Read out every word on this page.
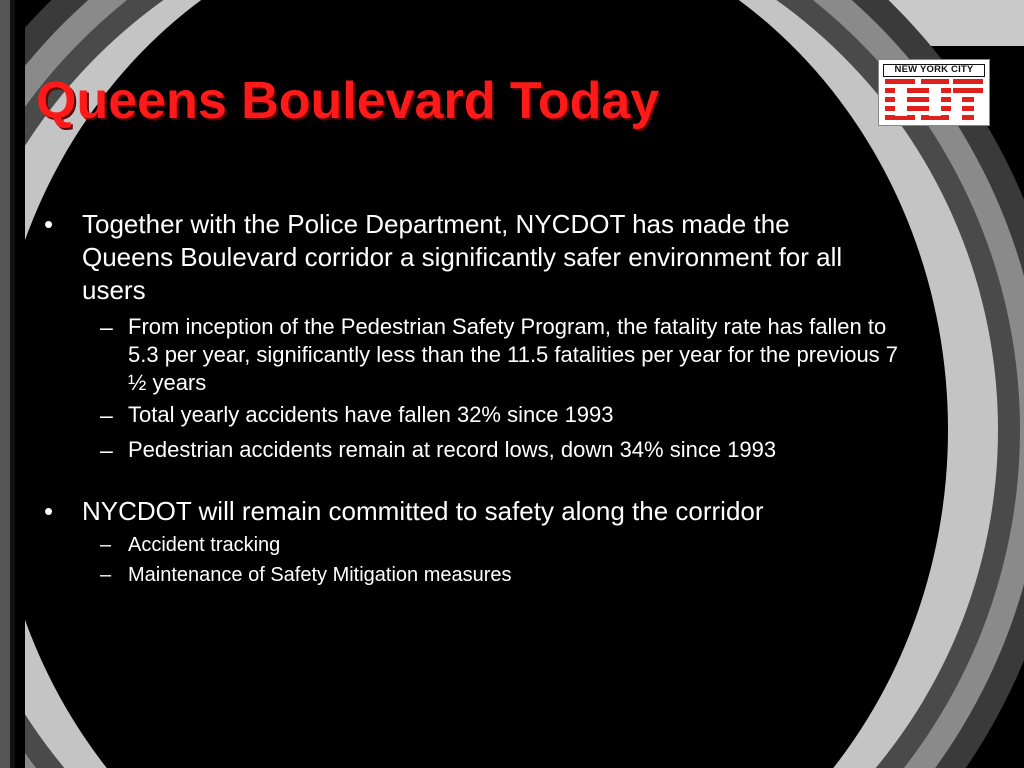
Queens Boulevard Today
NEW YORK CITY
• Together with the Police Department, NYCDOT has made the Queens Boulevard corridor a significantly safer environment for all users

– From inception of the Pedestrian Safety Program, the fatality rate has fallen to 5.3 per year, significantly less than the 11.5 fatalities per year for the previous 7 ½ years

– Total yearly accidents have fallen 32% since 1993

– Pedestrian accidents remain at record lows, down 34% since 1993

• NYCDOT will remain committed to safety along the corridor

– Accident tracking

– Maintenance of Safety Mitigation measures
